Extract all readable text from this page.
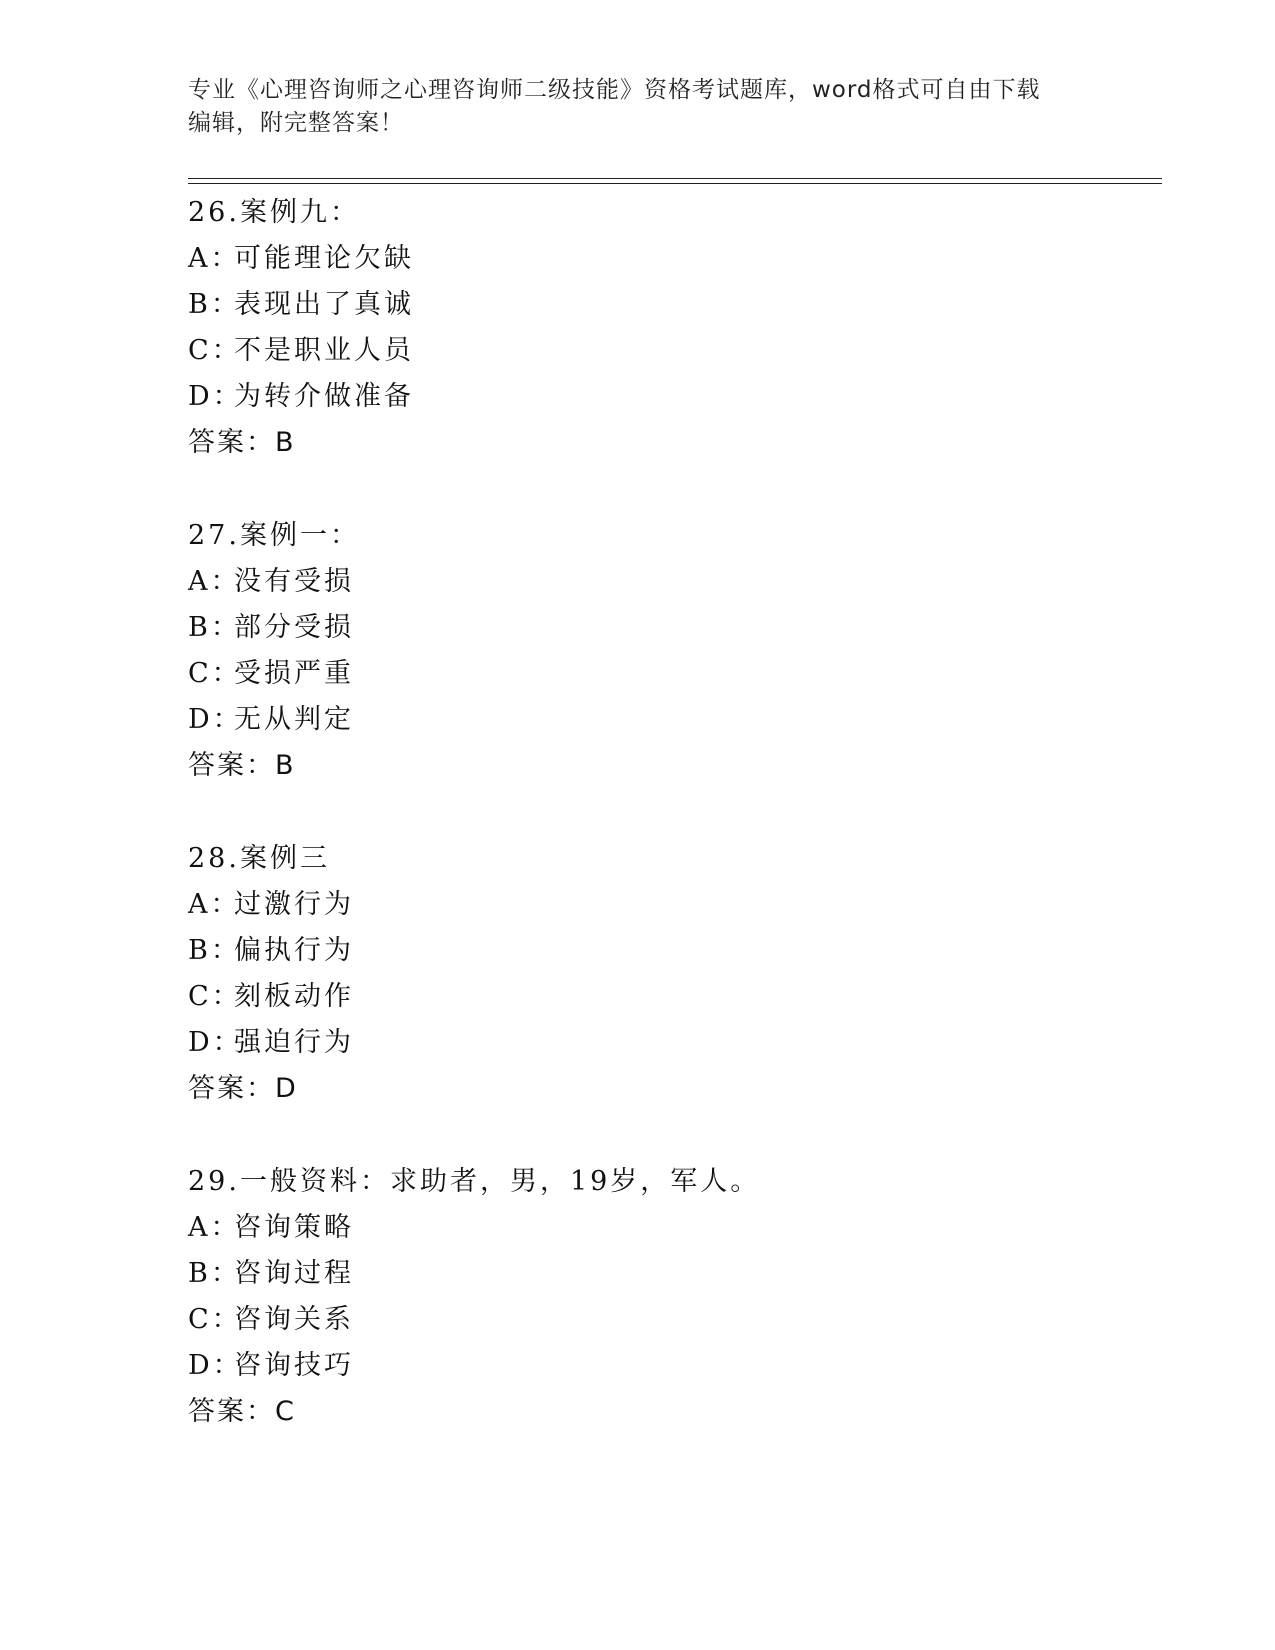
专业《心理咨询师之心理咨询师二级技能》资格考试题库，word格式可自由下载
编辑，附完整答案！
26.案例九：
A：可能理论欠缺
B：表现出了真诚
C：不是职业人员
D：为转介做准备
答案：B
27.案例一：
A：没有受损
B：部分受损
C：受损严重
D：无从判定
答案：B
28.案例三
A：过激行为
B：偏执行为
C：刻板动作
D：强迫行为
答案：D
29.一般资料：求助者，男，19岁，军人。
A：咨询策略
B：咨询过程
C：咨询关系
D：咨询技巧
答案：C
